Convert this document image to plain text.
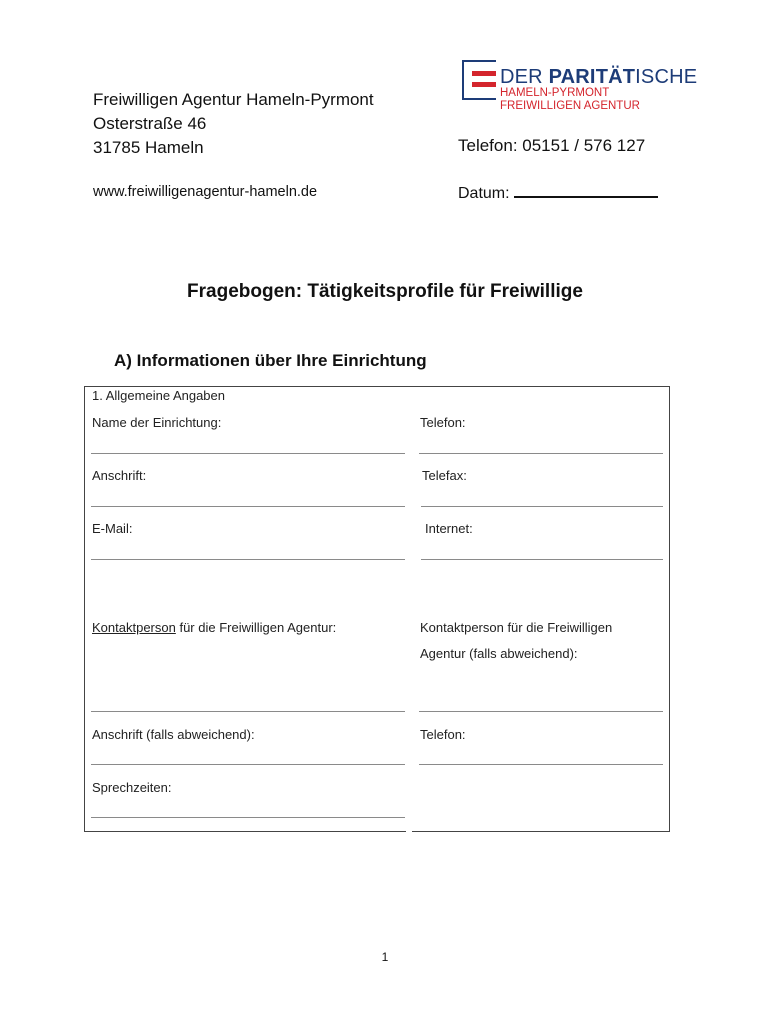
Freiwilligen Agentur Hameln-Pyrmont
Osterstraße 46
31785 Hameln
DER PARITÄTISCHE
HAMELN-PYRMONT
FREIWILLIGEN AGENTUR
Telefon: 05151 / 576 127
www.freiwilligenagentur-hameln.de	Datum:
Fragebogen: Tätigkeitsprofile für Freiwillige
A) Informationen über Ihre Einrichtung
1. Allgemeine Angaben
Name der Einrichtung:	Telefon:
Anschrift:	Telefax:
E-Mail:	Internet:
Kontaktperson für die Freiwilligen Agentur:	Kontaktperson für die Freiwilligen
Agentur (falls abweichend):
Anschrift (falls abweichend):	Telefon:
Sprechzeiten:
1
